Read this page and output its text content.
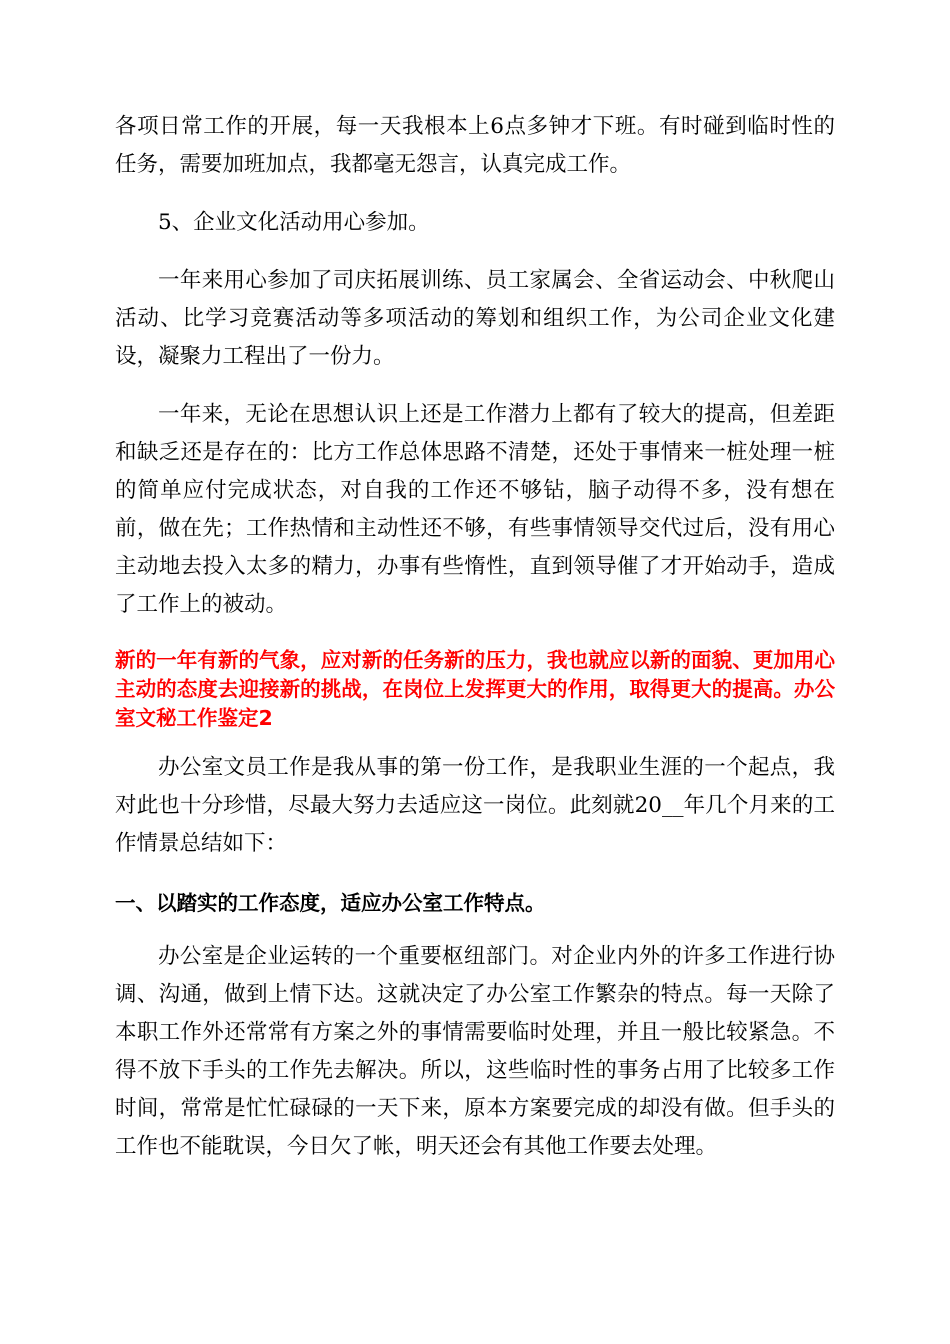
各项日常工作的开展，每一天我根本上6点多钟才下班。有时碰到临时性的任务，需要加班加点，我都毫无怨言，认真完成工作。

5、企业文化活动用心参加。

一年来用心参加了司庆拓展训练、员工家属会、全省运动会、中秋爬山活动、比学习竞赛活动等多项活动的筹划和组织工作，为公司企业文化建设，凝聚力工程出了一份力。

一年来，无论在思想认识上还是工作潜力上都有了较大的提高，但差距和缺乏还是存在的：比方工作总体思路不清楚，还处于事情来一桩处理一桩的简单应付完成状态，对自我的工作还不够钻，脑子动得不多，没有想在前，做在先；工作热情和主动性还不够，有些事情领导交代过后，没有用心主动地去投入太多的精力，办事有些惰性，直到领导催了才开始动手，造成了工作上的被动。

新的一年有新的气象，应对新的任务新的压力，我也就应以新的面貌、更加用心主动的态度去迎接新的挑战，在岗位上发挥更大的作用，取得更大的提高。办公室文秘工作鉴定2

办公室文员工作是我从事的第一份工作，是我职业生涯的一个起点，我对此也十分珍惜，尽最大努力去适应这一岗位。此刻就20__年几个月来的工作情景总结如下：

一、以踏实的工作态度，适应办公室工作特点。

办公室是企业运转的一个重要枢纽部门。对企业内外的许多工作进行协调、沟通，做到上情下达。这就决定了办公室工作繁杂的特点。每一天除了本职工作外还常常有方案之外的事情需要临时处理，并且一般比较紧急。不得不放下手头的工作先去解决。所以，这些临时性的事务占用了比较多工作时间，常常是忙忙碌碌的一天下来，原本方案要完成的却没有做。但手头的工作也不能耽误，今日欠了帐，明天还会有其他工作要去处理。
